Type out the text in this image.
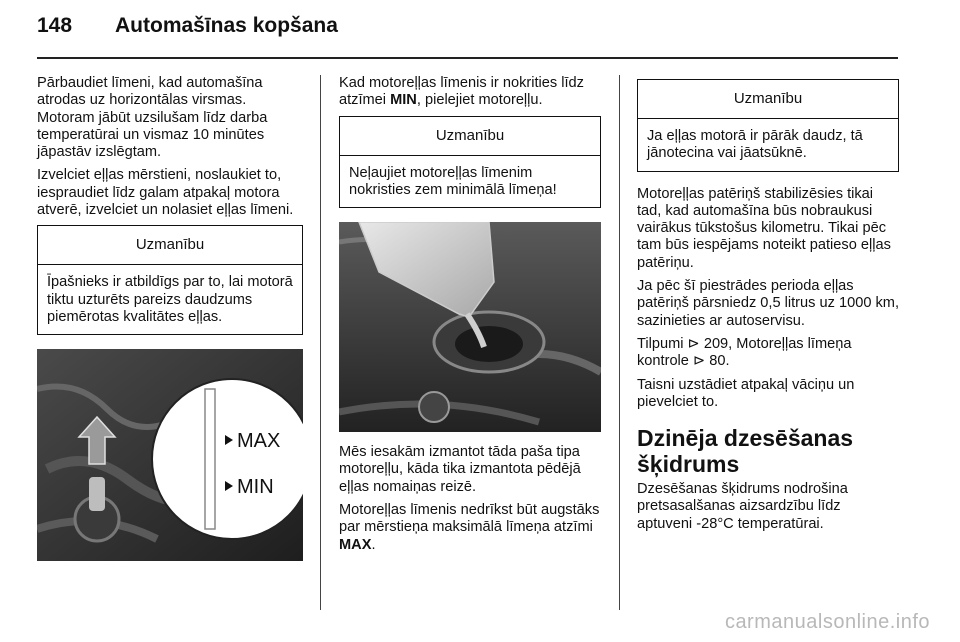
148	Automašīnas kopšana

Pārbaudiet līmeni, kad automašīna atrodas uz horizontālas virsmas. Motoram jābūt uzsilušam līdz darba temperatūrai un vismaz 10 minūtes jāpastāv izslēgtam.

Izvelciet eļļas mērstieni, noslaukiet to, iespraudiet līdz galam atpakaļ motora atverē, izvelciet un nolasiet eļļas līmeni.

Uzmanību
Īpašnieks ir atbildīgs par to, lai motorā tiktu uzturēts pareizs daudzums piemērotas kvalitātes eļļas.
MAX
MIN

Kad motoreļļas līmenis ir nokrities līdz atzīmei MIN, pielejiet motoreļļu.

Uzmanību
Neļaujiet motoreļļas līmenim nokristies zem minimālā līmeņa!

Mēs iesakām izmantot tāda paša tipa motoreļļu, kāda tika izmantota pēdējā eļļas nomaiņas reizē.

Motoreļļas līmenis nedrīkst būt augstāks par mērstieņa maksimālā līmeņa atzīmi MAX.

Uzmanību
Ja eļļas motorā ir pārāk daudz, tā jānotecina vai jāatsūknē.

Motoreļļas patēriņš stabilizēsies tikai tad, kad automašīna būs nobraukusi vairākus tūkstošus kilometru. Tikai pēc tam būs iespējams noteikt patieso eļļas patēriņu.

Ja pēc šī piestrādes perioda eļļas patēriņš pārsniedz 0,5 litrus uz 1000 km, sazinieties ar autoservisu.

Tilpumi ⊳ 209, Motoreļļas līmeņa kontrole ⊳ 80.

Taisni uzstādiet atpakaļ vāciņu un pievelciet to.

Dzinēja dzesēšanas šķidrums

Dzesēšanas šķidrums nodrošina pretsasalšanas aizsardzību līdz aptuveni -28°C temperatūrai.

carmanualsonline.info
